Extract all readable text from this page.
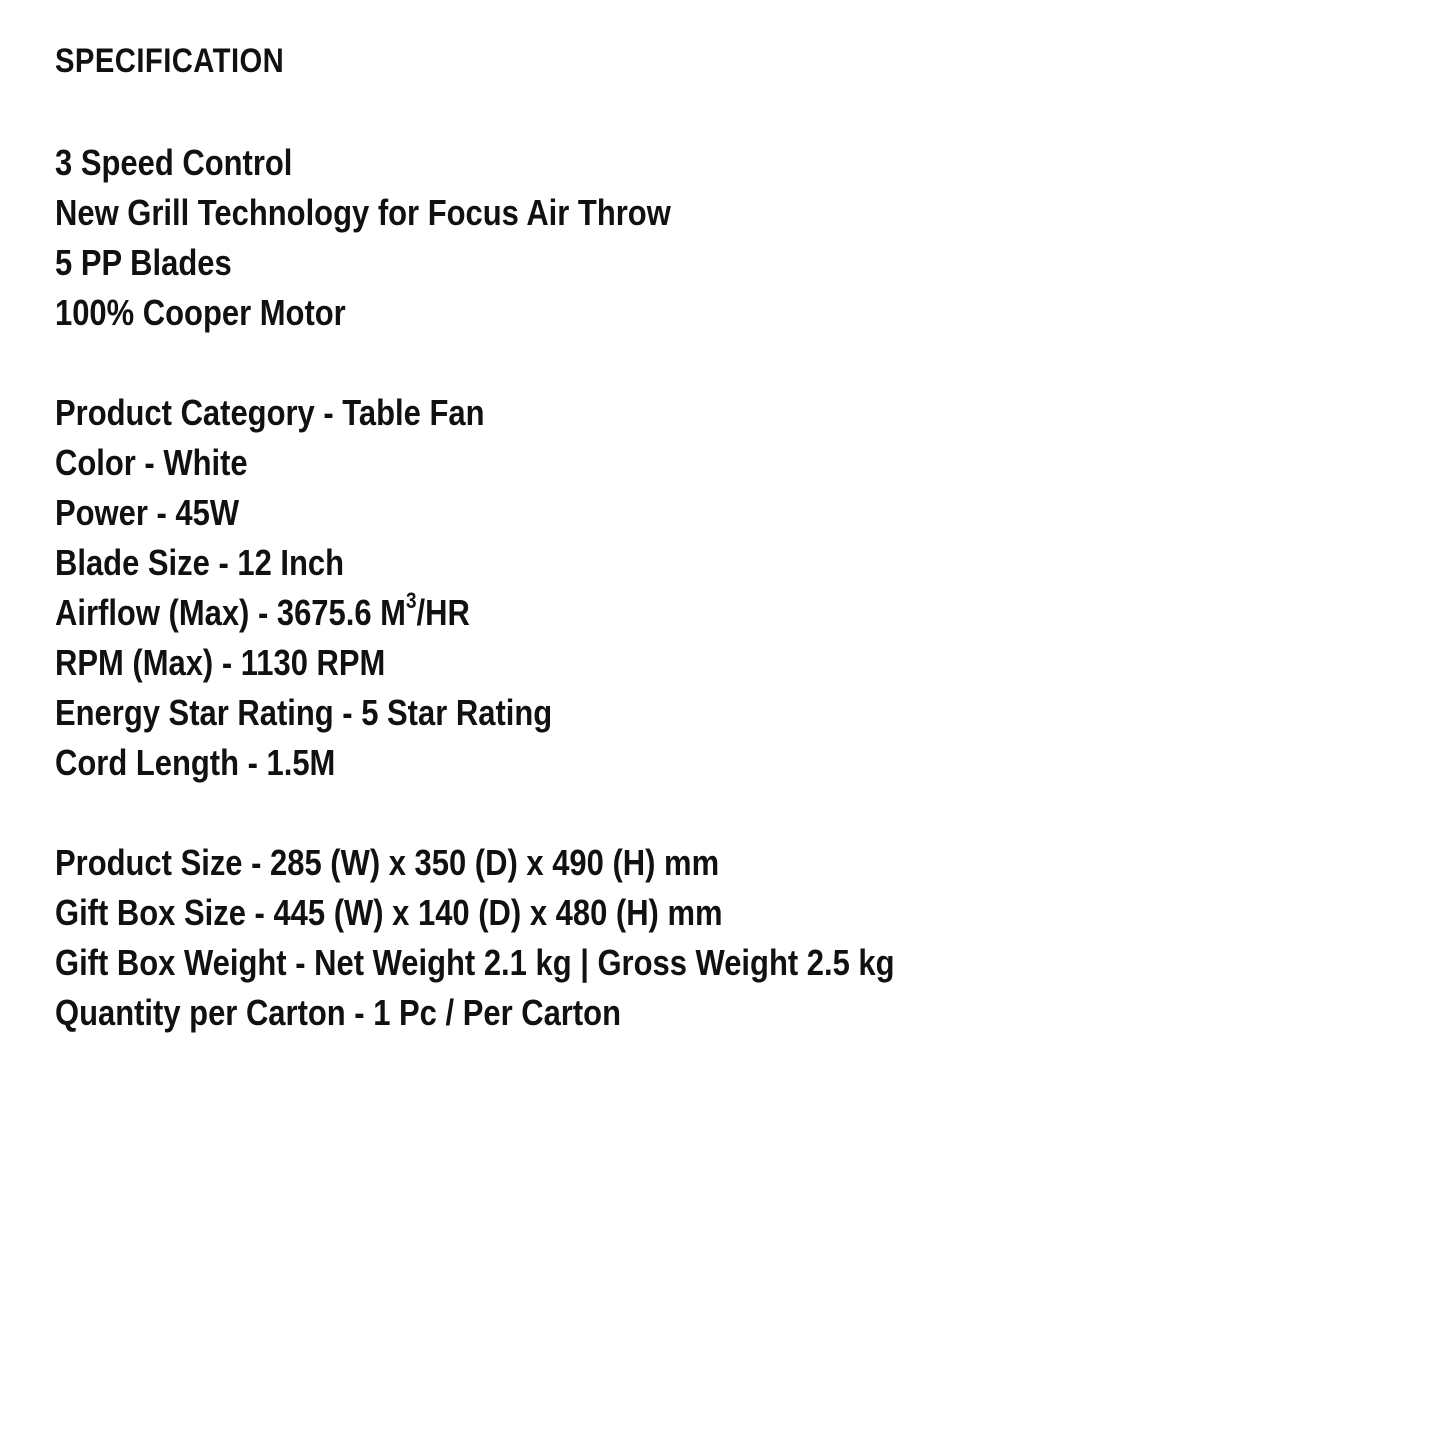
SPECIFICATION
3 Speed Control
New Grill Technology for Focus Air Throw
5 PP Blades
100% Cooper Motor
Product Category - Table Fan
Color - White
Power - 45W
Blade Size - 12 Inch
Airflow (Max) - 3675.6 $M^3/HR$
RPM (Max) - 1130 RPM
Energy Star Rating - 5 Star Rating
Cord Length - 1.5M
Product Size - 285 (W) x 350 (D) x 490 (H) mm
Gift Box Size - 445 (W) x 140 (D) x 480 (H) mm
Gift Box Weight - Net Weight 2.1 kg | Gross Weight 2.5 kg
Quantity per Carton - 1 Pc / Per Carton
